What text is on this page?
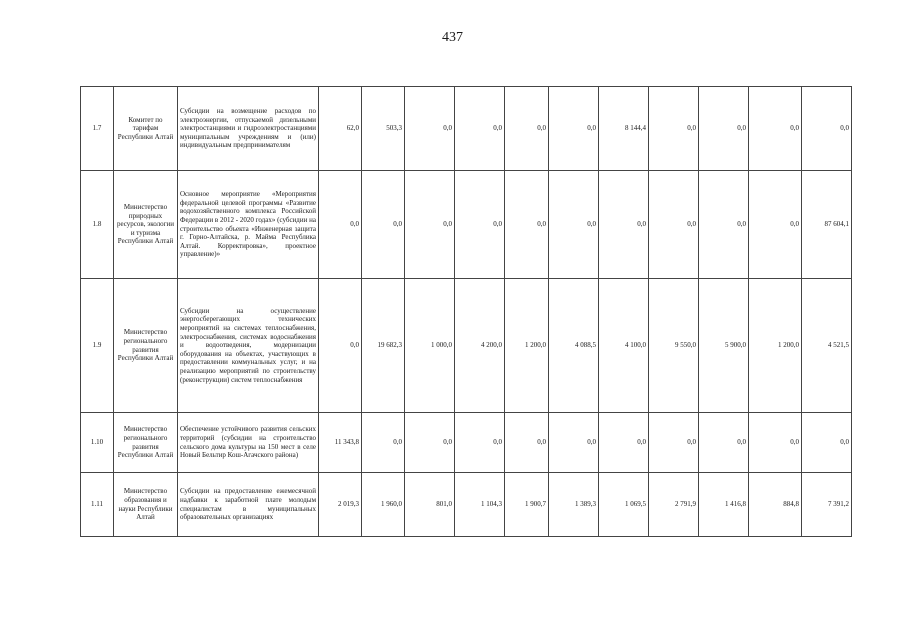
437
1.7	Комитет по тарифам Республики Алтай	Субсидии на возмещение расходов по электроэнергии, отпускаемой дизельными электростанциями и гидроэлектростанциями муниципальным учреждениям и (или) индивидуальным предпринимателям	62,0	503,3	0,0	0,0	0,0	0,0	8 144,4	0,0	0,0	0,0	0,0
1.8	Министерство природных ресурсов, экологии и туризма Республики Алтай	Основное мероприятие «Мероприятия федеральной целевой программы «Развитие водохозяйственного комплекса Российской Федерации в 2012 - 2020 годах» (субсидии на строительство объекта «Инженерная защита г. Горно-Алтайска, р. Майма Республика Алтай. Корректировка», проектное управление)»	0,0	0,0	0,0	0,0	0,0	0,0	0,0	0,0	0,0	0,0	87 604,1
1.9	Министерство регионального развития Республики Алтай	Субсидии на осуществление энергосберегающих технических мероприятий на системах теплоснабжения, электроснабжения, системах водоснабжения и водоотведения, модернизации оборудования на объектах, участвующих в предоставлении коммунальных услуг, и на реализацию мероприятий по строительству (реконструкции) систем теплоснабжения	0,0	19 682,3	1 000,0	4 200,0	1 200,0	4 088,5	4 100,0	9 550,0	5 900,0	1 200,0	4 521,5
1.10	Министерство регионального развития Республики Алтай	Обеспечение устойчивого развития сельских территорий (субсидии на строительство сельского дома культуры на 150 мест в селе Новый Бельтир Кош-Агачского района)	11 343,8	0,0	0,0	0,0	0,0	0,0	0,0	0,0	0,0	0,0	0,0
1.11	Министерство образования и науки Республики Алтай	Субсидии на предоставление ежемесячной надбавки к заработной плате молодым специалистам в муниципальных образовательных организациях	2 019,3	1 960,0	801,0	1 104,3	1 900,7	1 389,3	1 069,5	2 791,9	1 416,8	884,8	7 391,2
